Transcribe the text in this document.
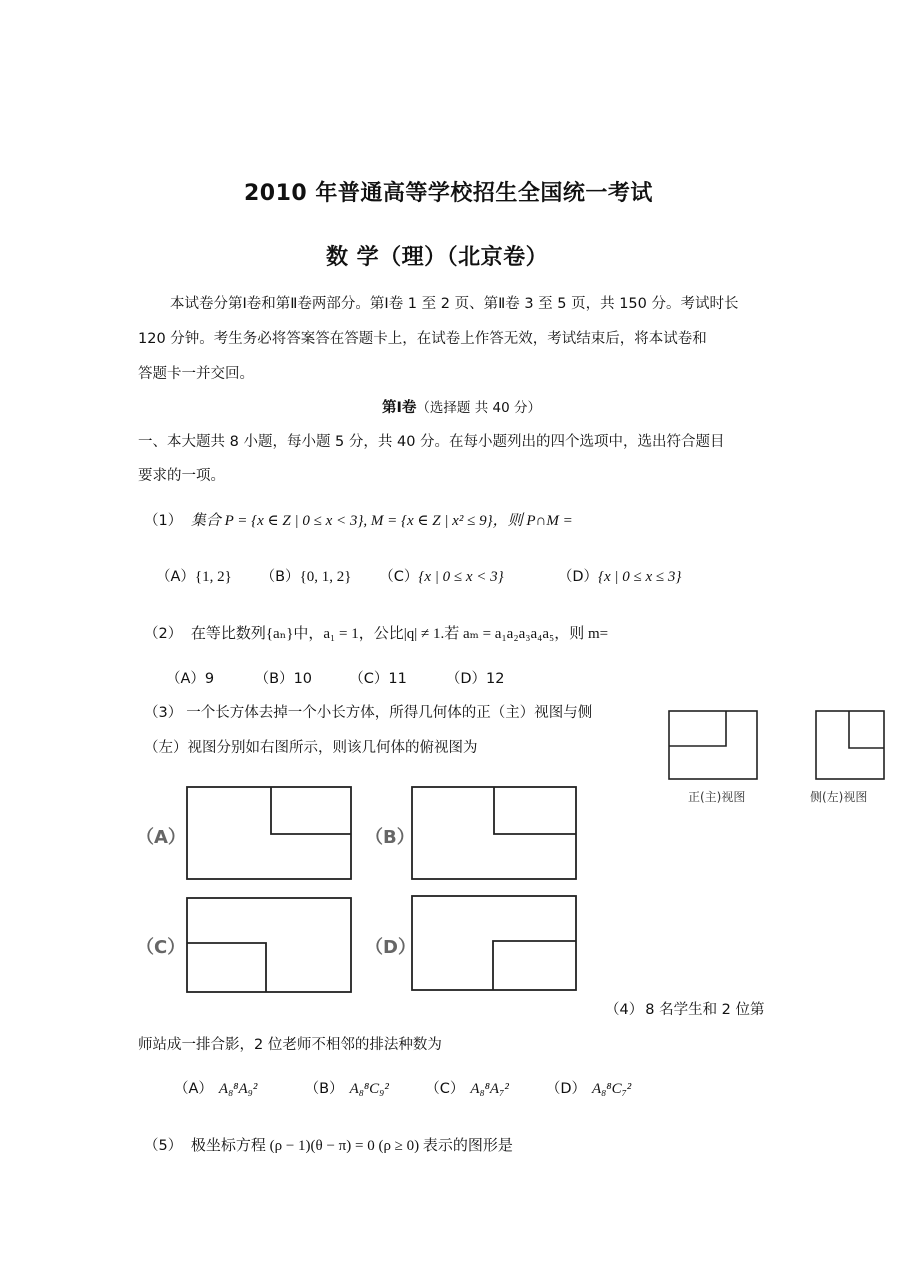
2010 年普通高等学校招生全国统一考试
数 学（理）（北京卷）
本试卷分第Ⅰ卷和第Ⅱ卷两部分。第Ⅰ卷 1 至 2 页、第Ⅱ卷 3 至 5 页，共 150 分。考试时长
120 分钟。考生务必将答案答在答题卡上，在试卷上作答无效，考试结束后，将本试卷和
答题卡一并交回。
第Ⅰ卷（选择题 共 40 分）
一、本大题共 8 小题，每小题 5 分，共 40 分。在每小题列出的四个选项中，选出符合题目
要求的一项。
（1） 集合 P = {x ∈ Z | 0 ≤ x < 3}, M = {x ∈ Z | x² ≤ 9}，则 P∩M =
（A）{1, 2} （B）{0, 1, 2} （C）{x | 0 ≤ x < 3}	（D）{x | 0 ≤ x ≤ 3}
（2） 在等比数列{aₙ}中，a₁ = 1，公比|q| ≠ 1.若 aₘ = a₁a₂a₃a₄a₅，则 m=
（A）9	（B）10	（C）11	（D）12
（3） 一个长方体去掉一个小长方体，所得几何体的正（主）视图与侧
（左）视图分别如右图所示，则该几何体的俯视图为
正(主)视图	侧(左)视图
（A）	（B）
（C）	（D）
（4） 8 名学生和 2 位第
师站成一排合影，2 位老师不相邻的排法种数为
（A） A₈⁸A₉²	（B） A₈⁸C₉²	（C） A₈⁸A₇²	（D） A₈⁸C₇²
（5） 极坐标方程 (ρ − 1)(θ − π) = 0 (ρ ≥ 0) 表示的图形是
